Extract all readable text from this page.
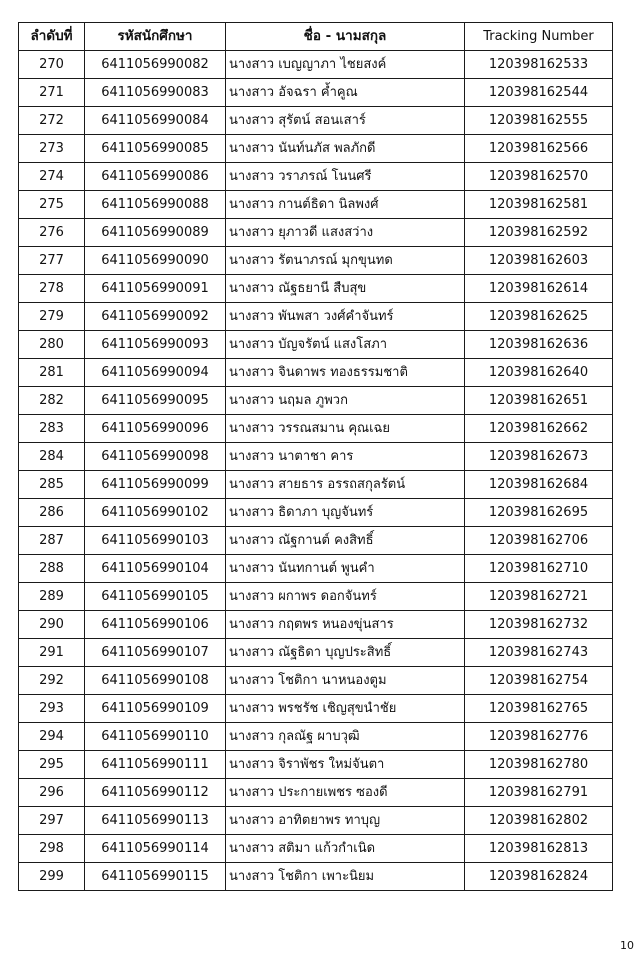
ลำดับที่	รหัสนักศึกษา	ชื่อ - นามสกุล	Tracking Number
270	6411056990082	นางสาว เบญญาภา ไชยสงค์	120398162533
271	6411056990083	นางสาว อัจฉรา ค้ำคูณ	120398162544
272	6411056990084	นางสาว สุรัตน์ สอนเสาร์	120398162555
273	6411056990085	นางสาว นันท์นภัส พลภักดี	120398162566
274	6411056990086	นางสาว วราภรณ์ โนนศรี	120398162570
275	6411056990088	นางสาว กานต์ธิดา นิลพงศ์	120398162581
276	6411056990089	นางสาว ยุภาวดี แสงสว่าง	120398162592
277	6411056990090	นางสาว รัตนาภรณ์ มุกขุนทด	120398162603
278	6411056990091	นางสาว ณัฐธยานี สืบสุข	120398162614
279	6411056990092	นางสาว พันพสา วงศ์คำจันทร์	120398162625
280	6411056990093	นางสาว บัญจรัตน์ แสงโสภา	120398162636
281	6411056990094	นางสาว จินดาพร ทองธรรมชาติ	120398162640
282	6411056990095	นางสาว นฤมล ภูพวก	120398162651
283	6411056990096	นางสาว วรรณสมาน คุณเฉย	120398162662
284	6411056990098	นางสาว นาตาชา คาร	120398162673
285	6411056990099	นางสาว สายธาร อรรถสกุลรัตน์	120398162684
286	6411056990102	นางสาว ธิดาภา บุญจันทร์	120398162695
287	6411056990103	นางสาว ณัฐกานต์ คงสิทธิ์	120398162706
288	6411056990104	นางสาว นันทกานต์ พูนคำ	120398162710
289	6411056990105	นางสาว ผกาพร ดอกจันทร์	120398162721
290	6411056990106	นางสาว กฤตพร หนองขุ่นสาร	120398162732
291	6411056990107	นางสาว ณัฐธิดา บุญประสิทธิ์	120398162743
292	6411056990108	นางสาว โชติกา นาหนองตูม	120398162754
293	6411056990109	นางสาว พรชรัช เชิญสุขนำชัย	120398162765
294	6411056990110	นางสาว กุลณัฐ ผาบวุฒิ	120398162776
295	6411056990111	นางสาว จิราพัชร ใหม่จันตา	120398162780
296	6411056990112	นางสาว ประกายเพชร ซองดี	120398162791
297	6411056990113	นางสาว อาทิตยาพร ทาบุญ	120398162802
298	6411056990114	นางสาว สติมา แก้วกำเนิด	120398162813
299	6411056990115	นางสาว โชติกา เพาะนิยม	120398162824
10
